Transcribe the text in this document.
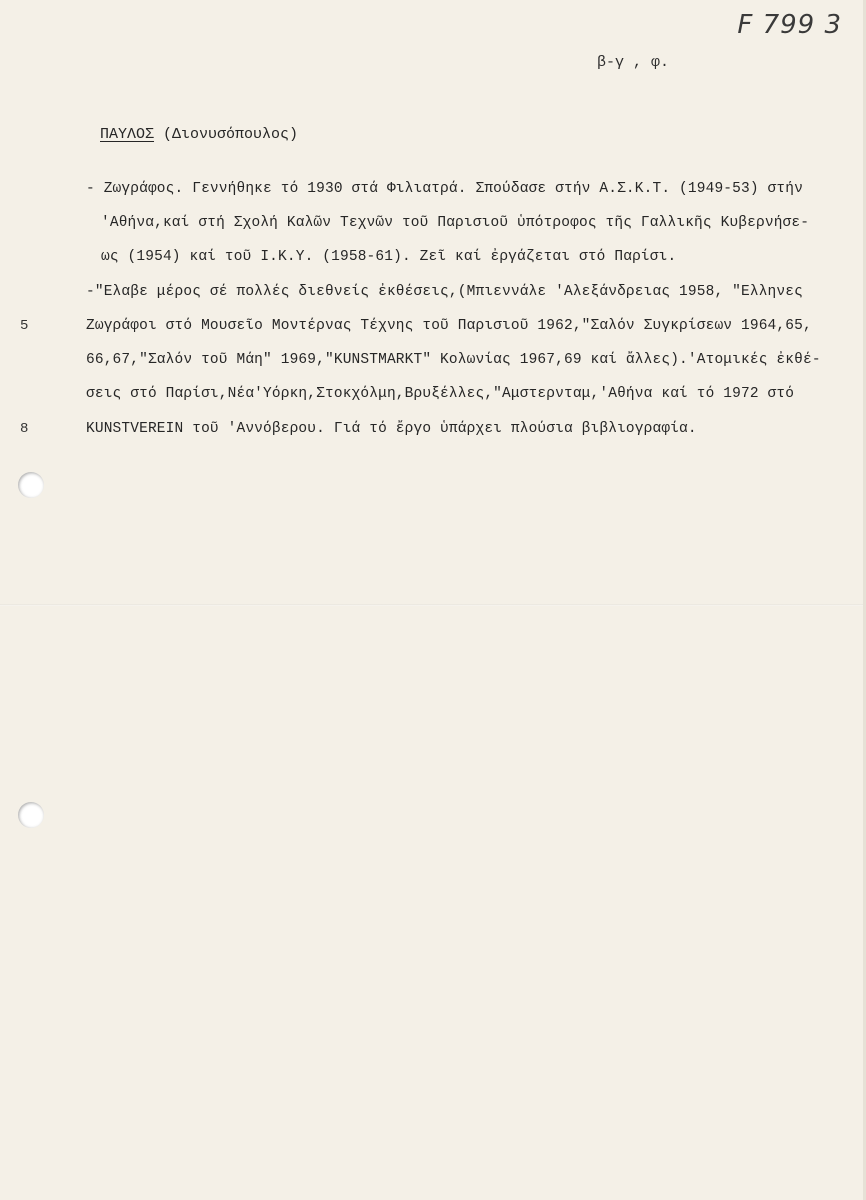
F 799 3
β-γ , φ.
ΠΑΥΛΟΣ (Διονυσόπουλος)
- Ζωγράφος. Γεννήθηκε τό 1930 στά Φιλιατρά. Σπούδασε στήν Α.Σ.Κ.Τ. (1949-53) στήν
'Αθήνα,καί στή Σχολή Καλῶν Τεχνῶν τοῦ Παρισιοῦ ὑπότροφος τῆς Γαλλικῆς Κυβερνήσε-
ως (1954) καί τοῦ Ι.Κ.Υ. (1958-61). Ζεῖ καί ἐργάζεται στό Παρίσι.
-"Ελαβε μέρος σέ πολλές διεθνείς ἐκθέσεις,(Μπιεννάλε 'Αλεξάνδρειας 1958, "Ελληνες
Ζωγράφοι στό Μουσεῖο Μοντέρνας Τέχνης τοῦ Παρισιοῦ 1962,"Σαλόν Συγκρίσεων 1964,65,
66,67,"Σαλόν τοῦ Μάη" 1969,"KUNSTMARKT" Κολωνίας 1967,69 καί ἄλλες).'Ατομικές ἐκθέ-
σεις στό Παρίσι,Νέα'Υόρκη,Στοκχόλμη,Βρυξέλλες,"Αμστερνταμ,'Αθήνα καί τό 1972 στό
KUNSTVEREIN τοῦ 'Αννόβερου. Γιά τό ἔργο ὑπάρχει πλούσια βιβλιογραφία.
5
8
